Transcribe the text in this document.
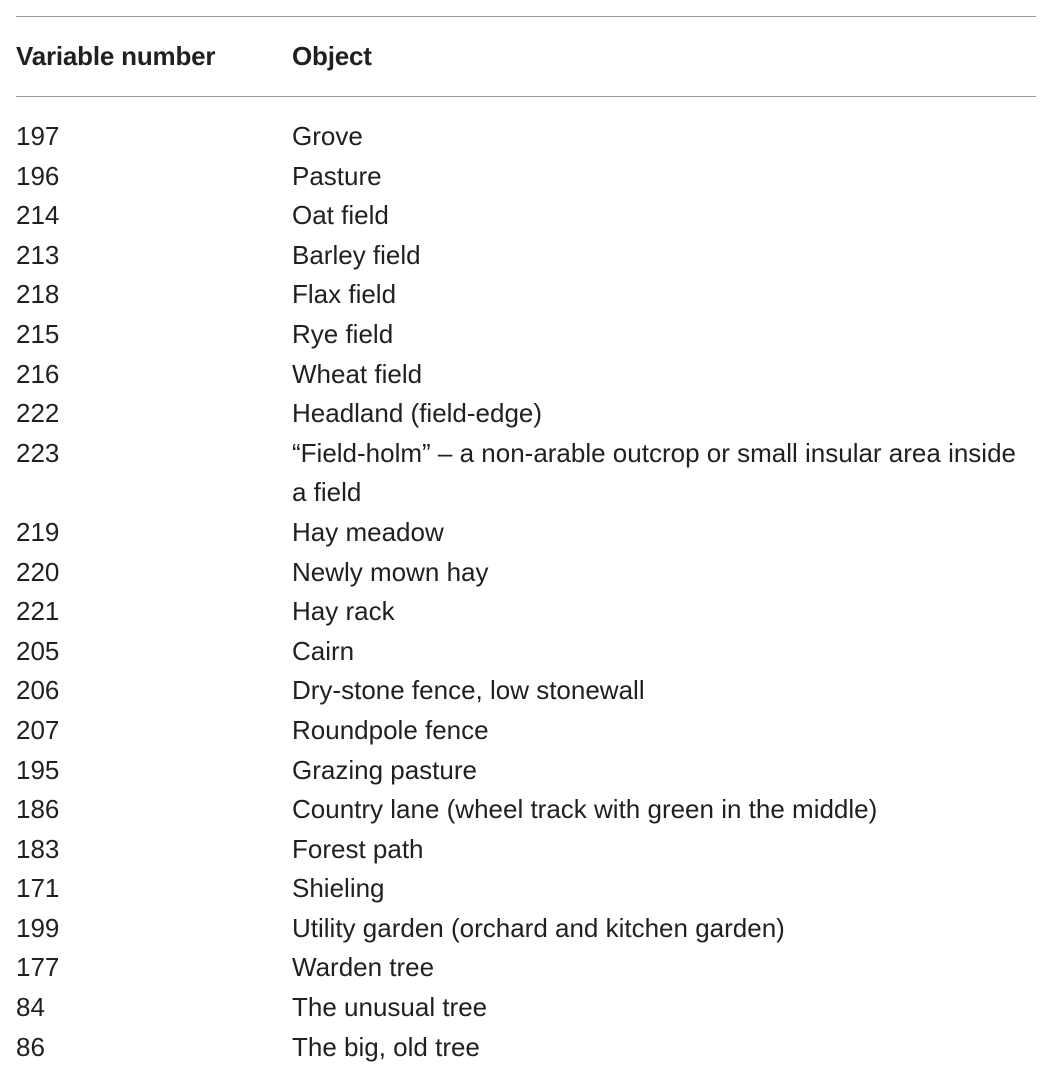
Variable number	Object
197	Grove
196	Pasture
214	Oat field
213	Barley field
218	Flax field
215	Rye field
216	Wheat field
222	Headland (field-edge)
223	“Field-holm” – a non-arable outcrop or small insular area inside a field
219	Hay meadow
220	Newly mown hay
221	Hay rack
205	Cairn
206	Dry-stone fence, low stonewall
207	Roundpole fence
195	Grazing pasture
186	Country lane (wheel track with green in the middle)
183	Forest path
171	Shieling
199	Utility garden (orchard and kitchen garden)
177	Warden tree
84	The unusual tree
86	The big, old tree
